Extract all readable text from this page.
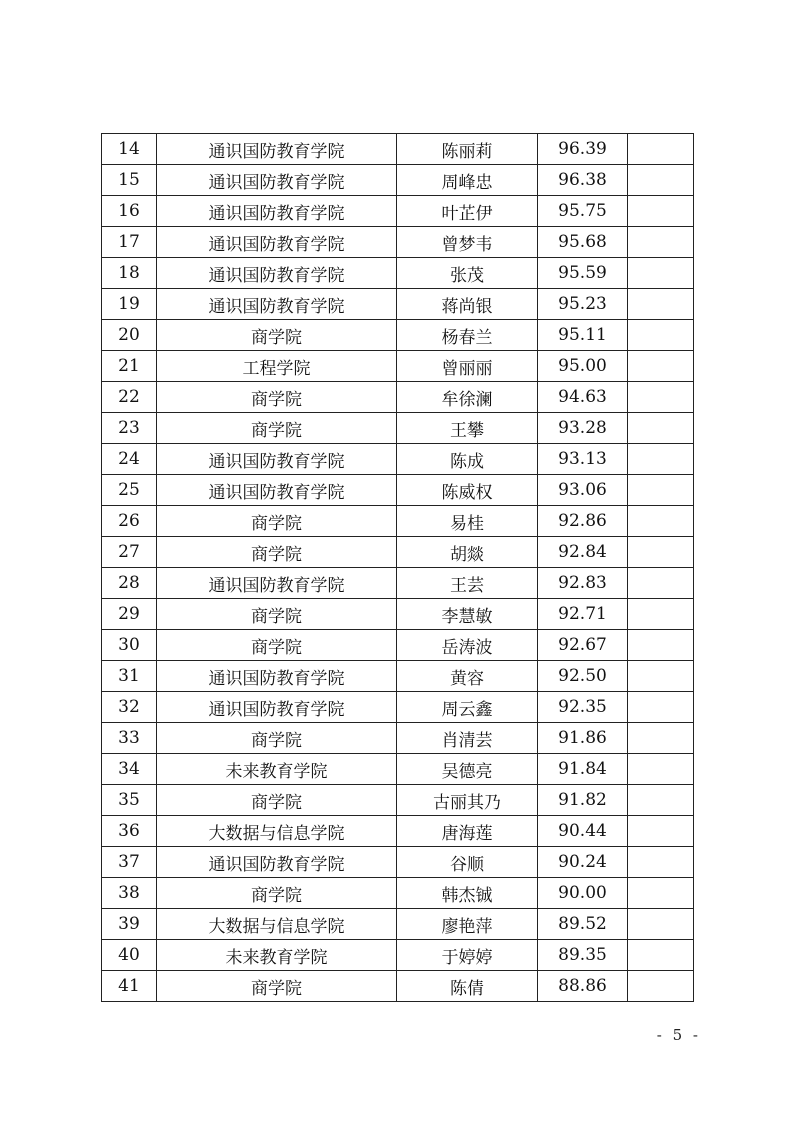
14	通识国防教育学院	陈丽莉	96.39	
15	通识国防教育学院	周峰忠	96.38	
16	通识国防教育学院	叶芷伊	95.75	
17	通识国防教育学院	曾梦韦	95.68	
18	通识国防教育学院	张茂	95.59	
19	通识国防教育学院	蒋尚银	95.23	
20	商学院	杨春兰	95.11	
21	工程学院	曾丽丽	95.00	
22	商学院	牟徐澜	94.63	
23	商学院	王攀	93.28	
24	通识国防教育学院	陈成	93.13	
25	通识国防教育学院	陈威权	93.06	
26	商学院	易桂	92.86	
27	商学院	胡燚	92.84	
28	通识国防教育学院	王芸	92.83	
29	商学院	李慧敏	92.71	
30	商学院	岳涛波	92.67	
31	通识国防教育学院	黄容	92.50	
32	通识国防教育学院	周云鑫	92.35	
33	商学院	肖清芸	91.86	
34	未来教育学院	吴德亮	91.84	
35	商学院	古丽其乃	91.82	
36	大数据与信息学院	唐海莲	90.44	
37	通识国防教育学院	谷顺	90.24	
38	商学院	韩杰铖	90.00	
39	大数据与信息学院	廖艳萍	89.52	
40	未来教育学院	于婷婷	89.35	
41	商学院	陈倩	88.86	
- 5 -
